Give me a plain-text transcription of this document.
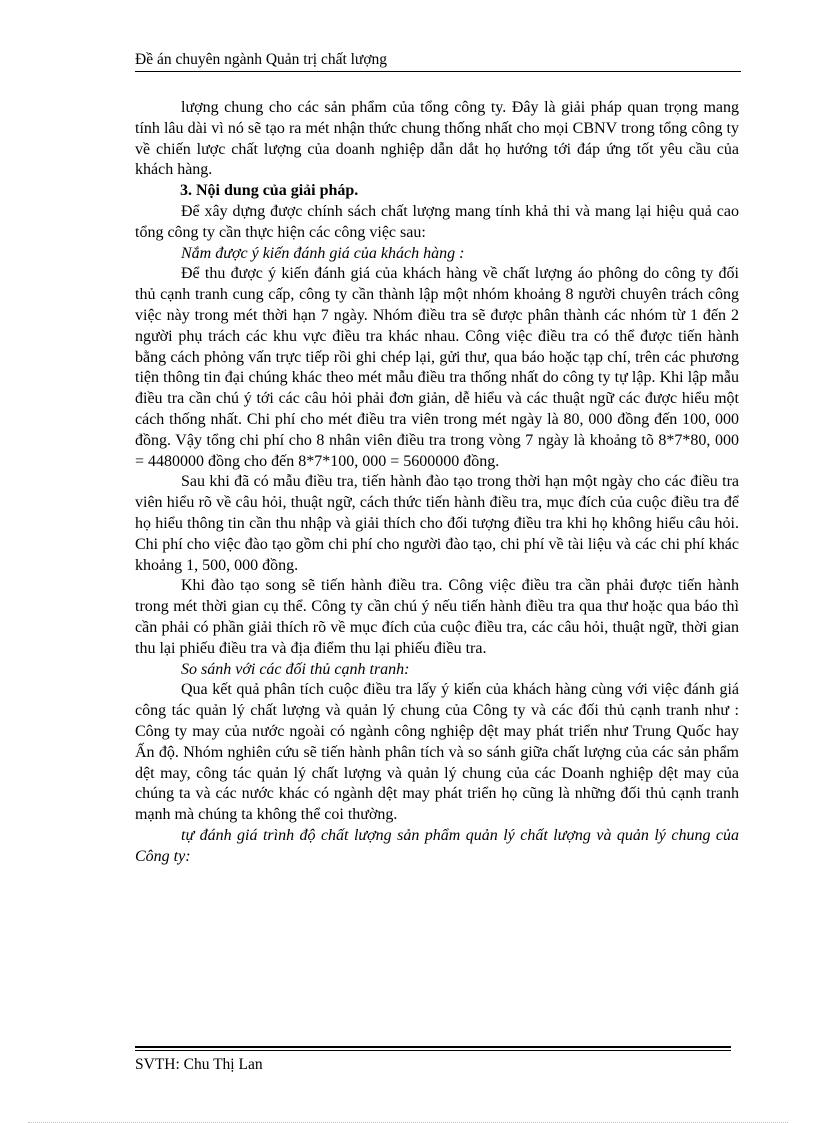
Đề án chuyên ngành Quản trị chất lượng

lượng chung cho các sản phẩm của tổng công ty. Đây là giải pháp quan trọng mang tính lâu dài vì nó sẽ tạo ra mét nhận thức chung thống nhất cho mọi CBNV trong tổng công ty về chiến lược chất lượng của doanh nghiệp dẫn dắt họ hướng tới đáp ứng tốt yêu cầu của khách hàng.

3. Nội dung của giải pháp.

Để xây dựng được chính sách chất lượng mang tính khả thi và mang lại hiệu quả cao tổng công ty cần thực hiện các công việc sau:

Nắm được ý kiến đánh giá của khách hàng :

Để thu được ý kiến đánh giá của khách hàng về chất lượng áo phông do công ty đối thủ cạnh tranh cung cấp, công ty cần thành lập một nhóm khoảng 8 người chuyên trách công việc này trong mét thời hạn 7 ngày. Nhóm điều tra sẽ được phân thành các nhóm từ 1 đến 2 người phụ trách các khu vực điều tra khác nhau. Công việc điều tra có thể được tiến hành bằng cách phỏng vấn trực tiếp rồi ghi chép lại, gửi thư, qua báo hoặc tạp chí, trên các phương tiện thông tin đại chúng khác theo mét mẫu điều tra thống nhất do công ty tự lập. Khi lập mẫu điều tra cần chú ý tới các câu hỏi phải đơn giản, dễ hiểu và các thuật ngữ các được hiểu một cách thống nhất. Chi phí cho mét điều tra viên trong mét ngày là 80, 000 đồng đến 100, 000 đồng. Vậy tổng chi phí cho 8 nhân viên điều tra trong vòng 7 ngày là khoảng tõ 8*7*80, 000 = 4480000 đồng cho đến 8*7*100, 000 = 5600000 đồng.

Sau khi đã có mẫu điều tra, tiến hành đào tạo trong thời hạn một ngày cho các điều tra viên hiểu rõ về câu hỏi, thuật ngữ, cách thức tiến hành điều tra, mục đích của cuộc điều tra để họ hiểu thông tin cần thu nhập và giải thích cho đối tượng điều tra khi họ không hiểu câu hỏi. Chi phí cho việc đào tạo gồm chi phí cho người đào tạo, chi phí về tài liệu và các chi phí khác khoảng 1, 500, 000 đồng.

Khi đào tạo song sẽ tiến hành điều tra. Công việc điều tra cần phải được tiến hành trong mét thời gian cụ thể. Công ty cần chú ý nếu tiến hành điều tra qua thư hoặc qua báo thì cần phải có phần giải thích rõ về mục đích của cuộc điều tra, các câu hỏi, thuật ngữ, thời gian thu lại phiếu điều tra và địa điểm thu lại phiếu điều tra.

So sánh với các đối thủ cạnh tranh:

Qua kết quả phân tích cuộc điều tra lấy ý kiến của khách hàng cùng với việc đánh giá công tác quản lý chất lượng và quản lý chung của Công ty và các đối thủ cạnh tranh như : Công ty may của nước ngoài có ngành công nghiệp dệt may phát triển như Trung Quốc hay Ấn độ. Nhóm nghiên cứu sẽ tiến hành phân tích và so sánh giữa chất lượng của các sản phẩm dệt may, công tác quản lý chất lượng và quản lý chung của các Doanh nghiệp dệt may của chúng ta và các nước khác có ngành dệt may phát triển họ cũng là những đối thủ cạnh tranh mạnh mà chúng ta không thể coi thường.

tự đánh giá trình độ chất lượng sản phẩm quản lý chất lượng và quản lý chung của Công ty:

SVTH: Chu Thị Lan
